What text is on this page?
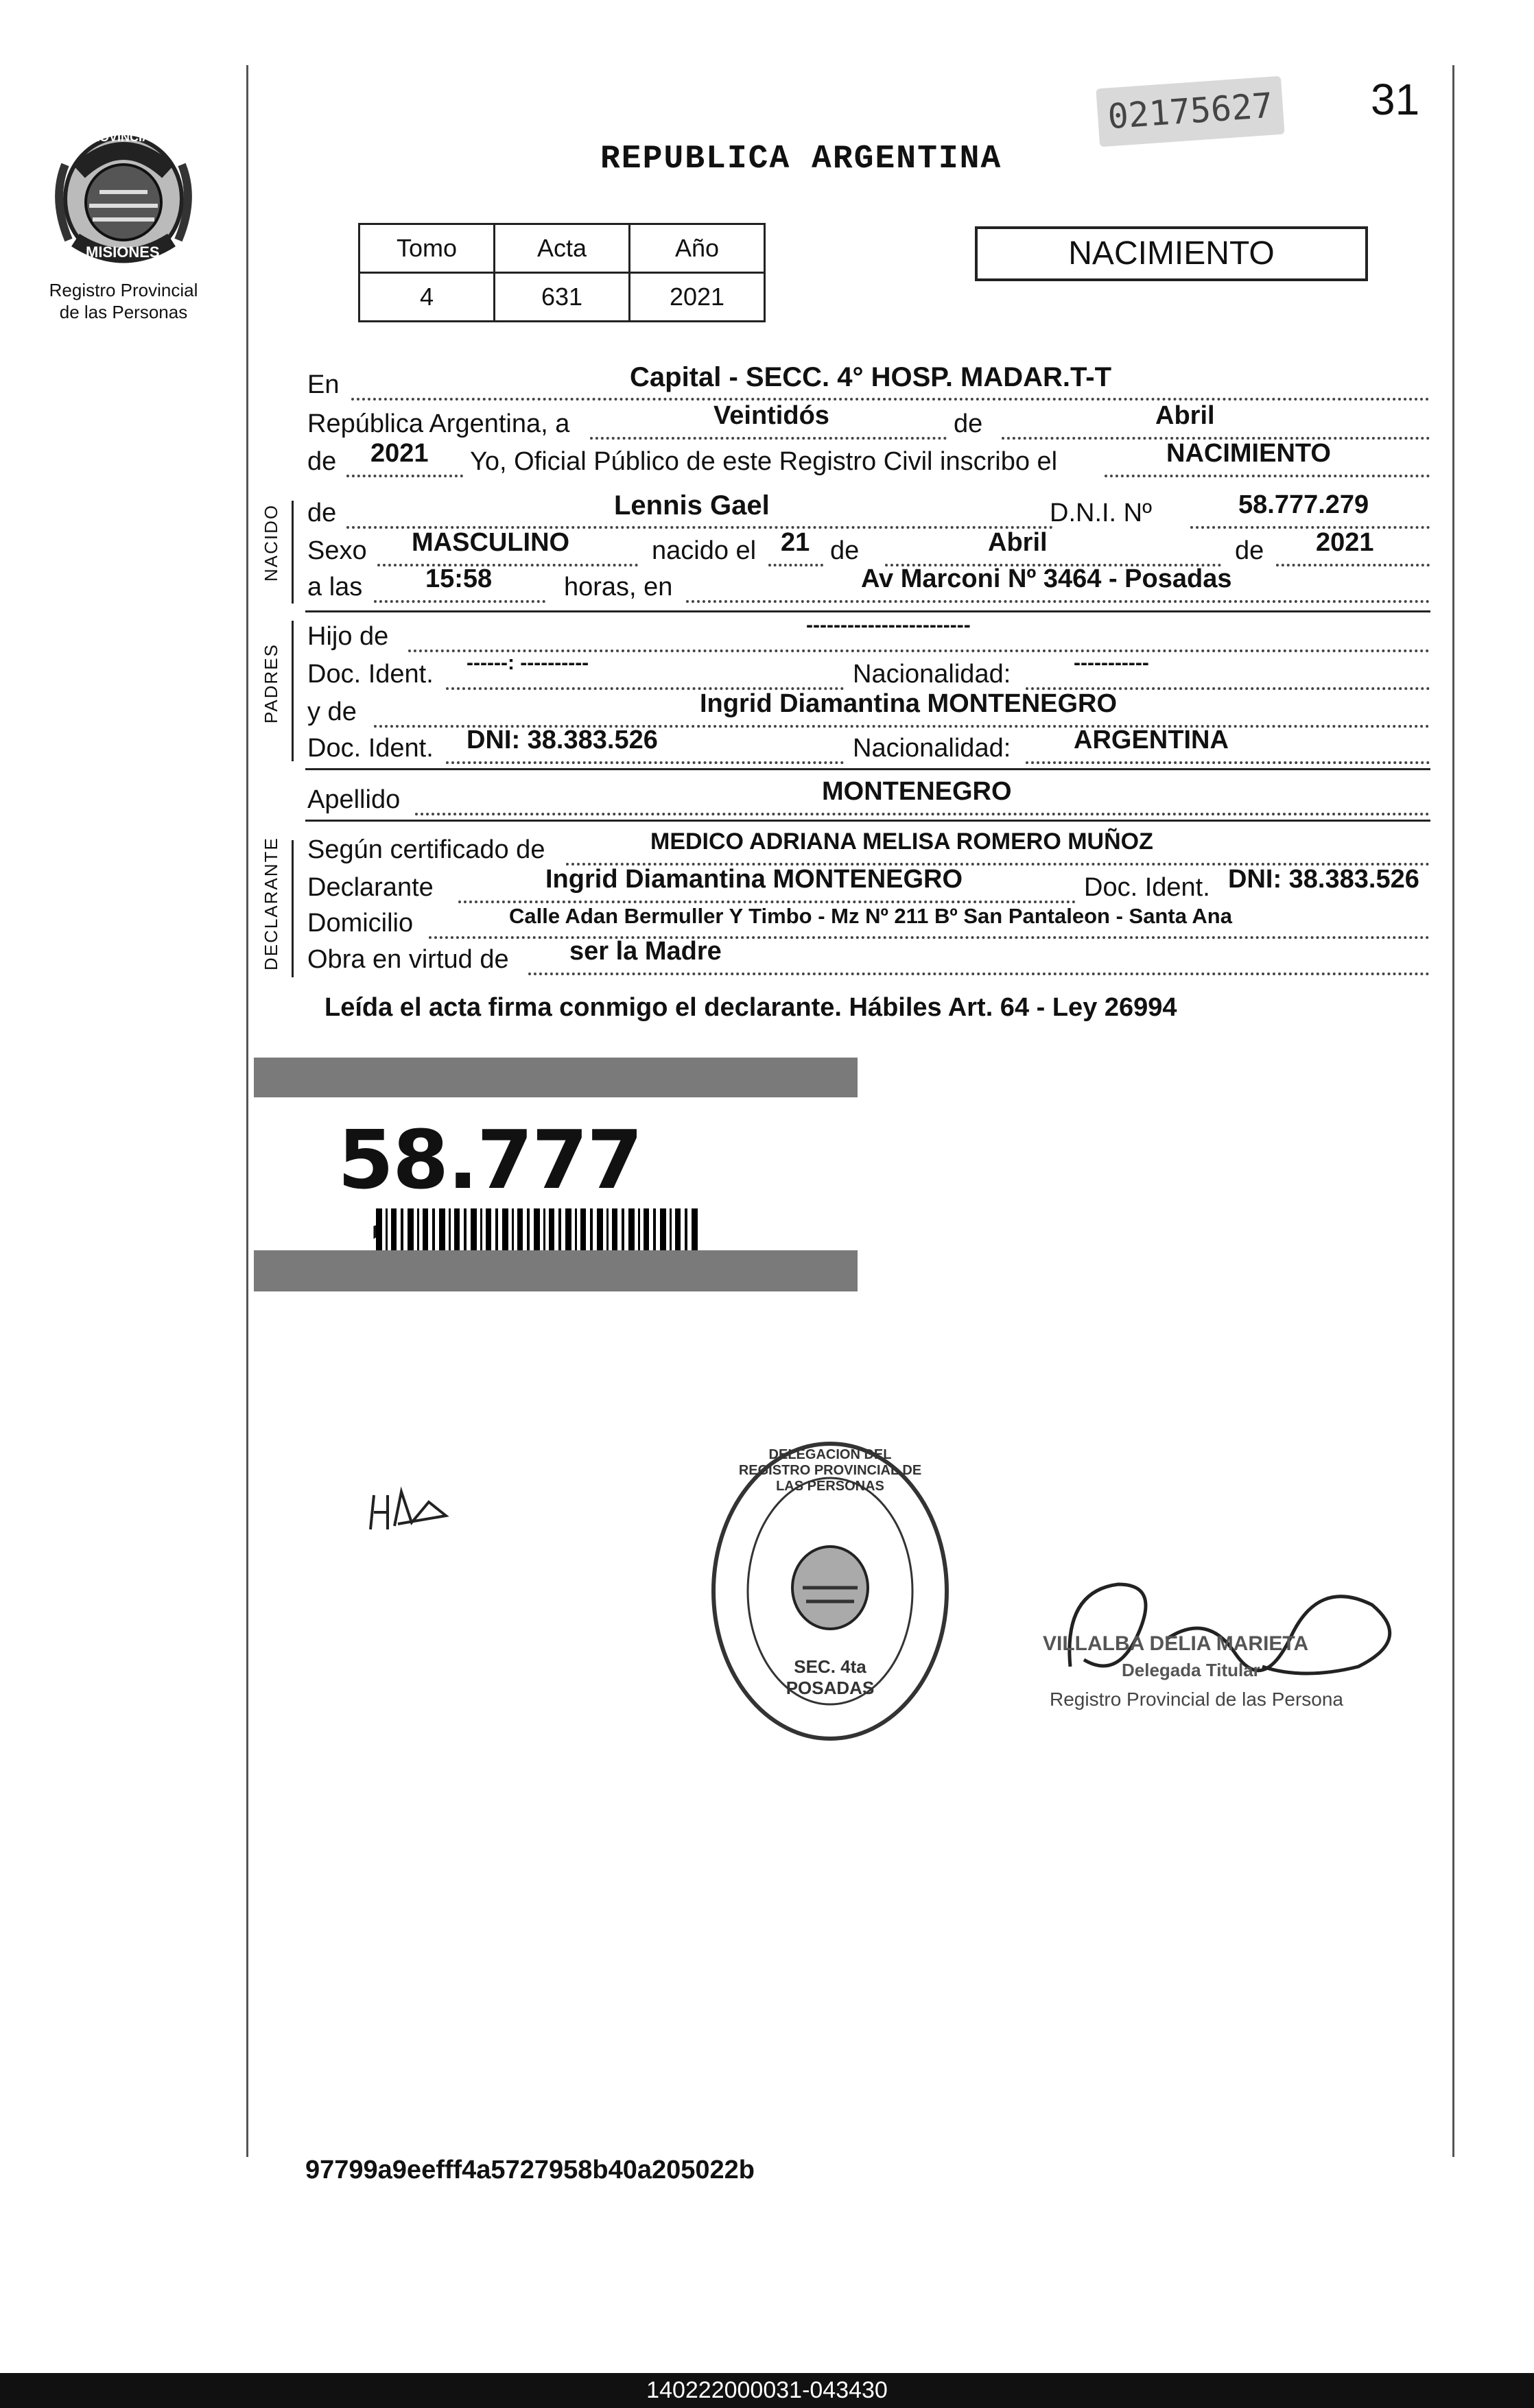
PROVINCIA DE
MISIONES
Registro Provincial
de las Personas
02175627 31
REPUBLICA ARGENTINA
Tomo	Acta	Año
4	631	2021
NACIMIENTO
En	Capital - SECC. 4° HOSP. MADAR.T-T
República Argentina, a	Veintidós	de	Abril
de 2021 Yo, Oficial Público de este Registro Civil inscribo el	NACIMIENTO
NACIDO de	Lennis Gael	D.N.I. Nº	58.777.279
Sexo MASCULINO	nacido el 21 de	Abril	de 2021
a las 15:58	horas, en	Av Marconi Nº 3464 - Posadas
PADRES
Hijo de	------------------------
Doc. Ident. ------: ----------	Nacionalidad:	-----------
y de	Ingrid Diamantina MONTENEGRO
Doc. Ident. DNI: 38.383.526	Nacionalidad: ARGENTINA
Apellido	MONTENEGRO
DECLARANTE Según certificado de	MEDICO ADRIANA MELISA ROMERO MUÑOZ
Declarante	Ingrid Diamantina MONTENEGRO	Doc. Ident. DNI: 38.383.526
Domicilio	Calle Adan Bermuller Y Timbo - Mz Nº 211 Bº San Pantaleon - Santa Ana
Obra en virtud de ser la Madre
Leída el acta firma conmigo el declarante. Hábiles Art. 64 - Ley 26994
58.777
DELEGACION DEL REGISTRO PROVINCIAL DE LAS PERSONAS
SEC. 4ta POSADAS
VILLALBA DELIA MARIETA
Delegada Titular
Registro Provincial de las Persona
97799a9eefff4a5727958b40a205022b
140222000031-043430
